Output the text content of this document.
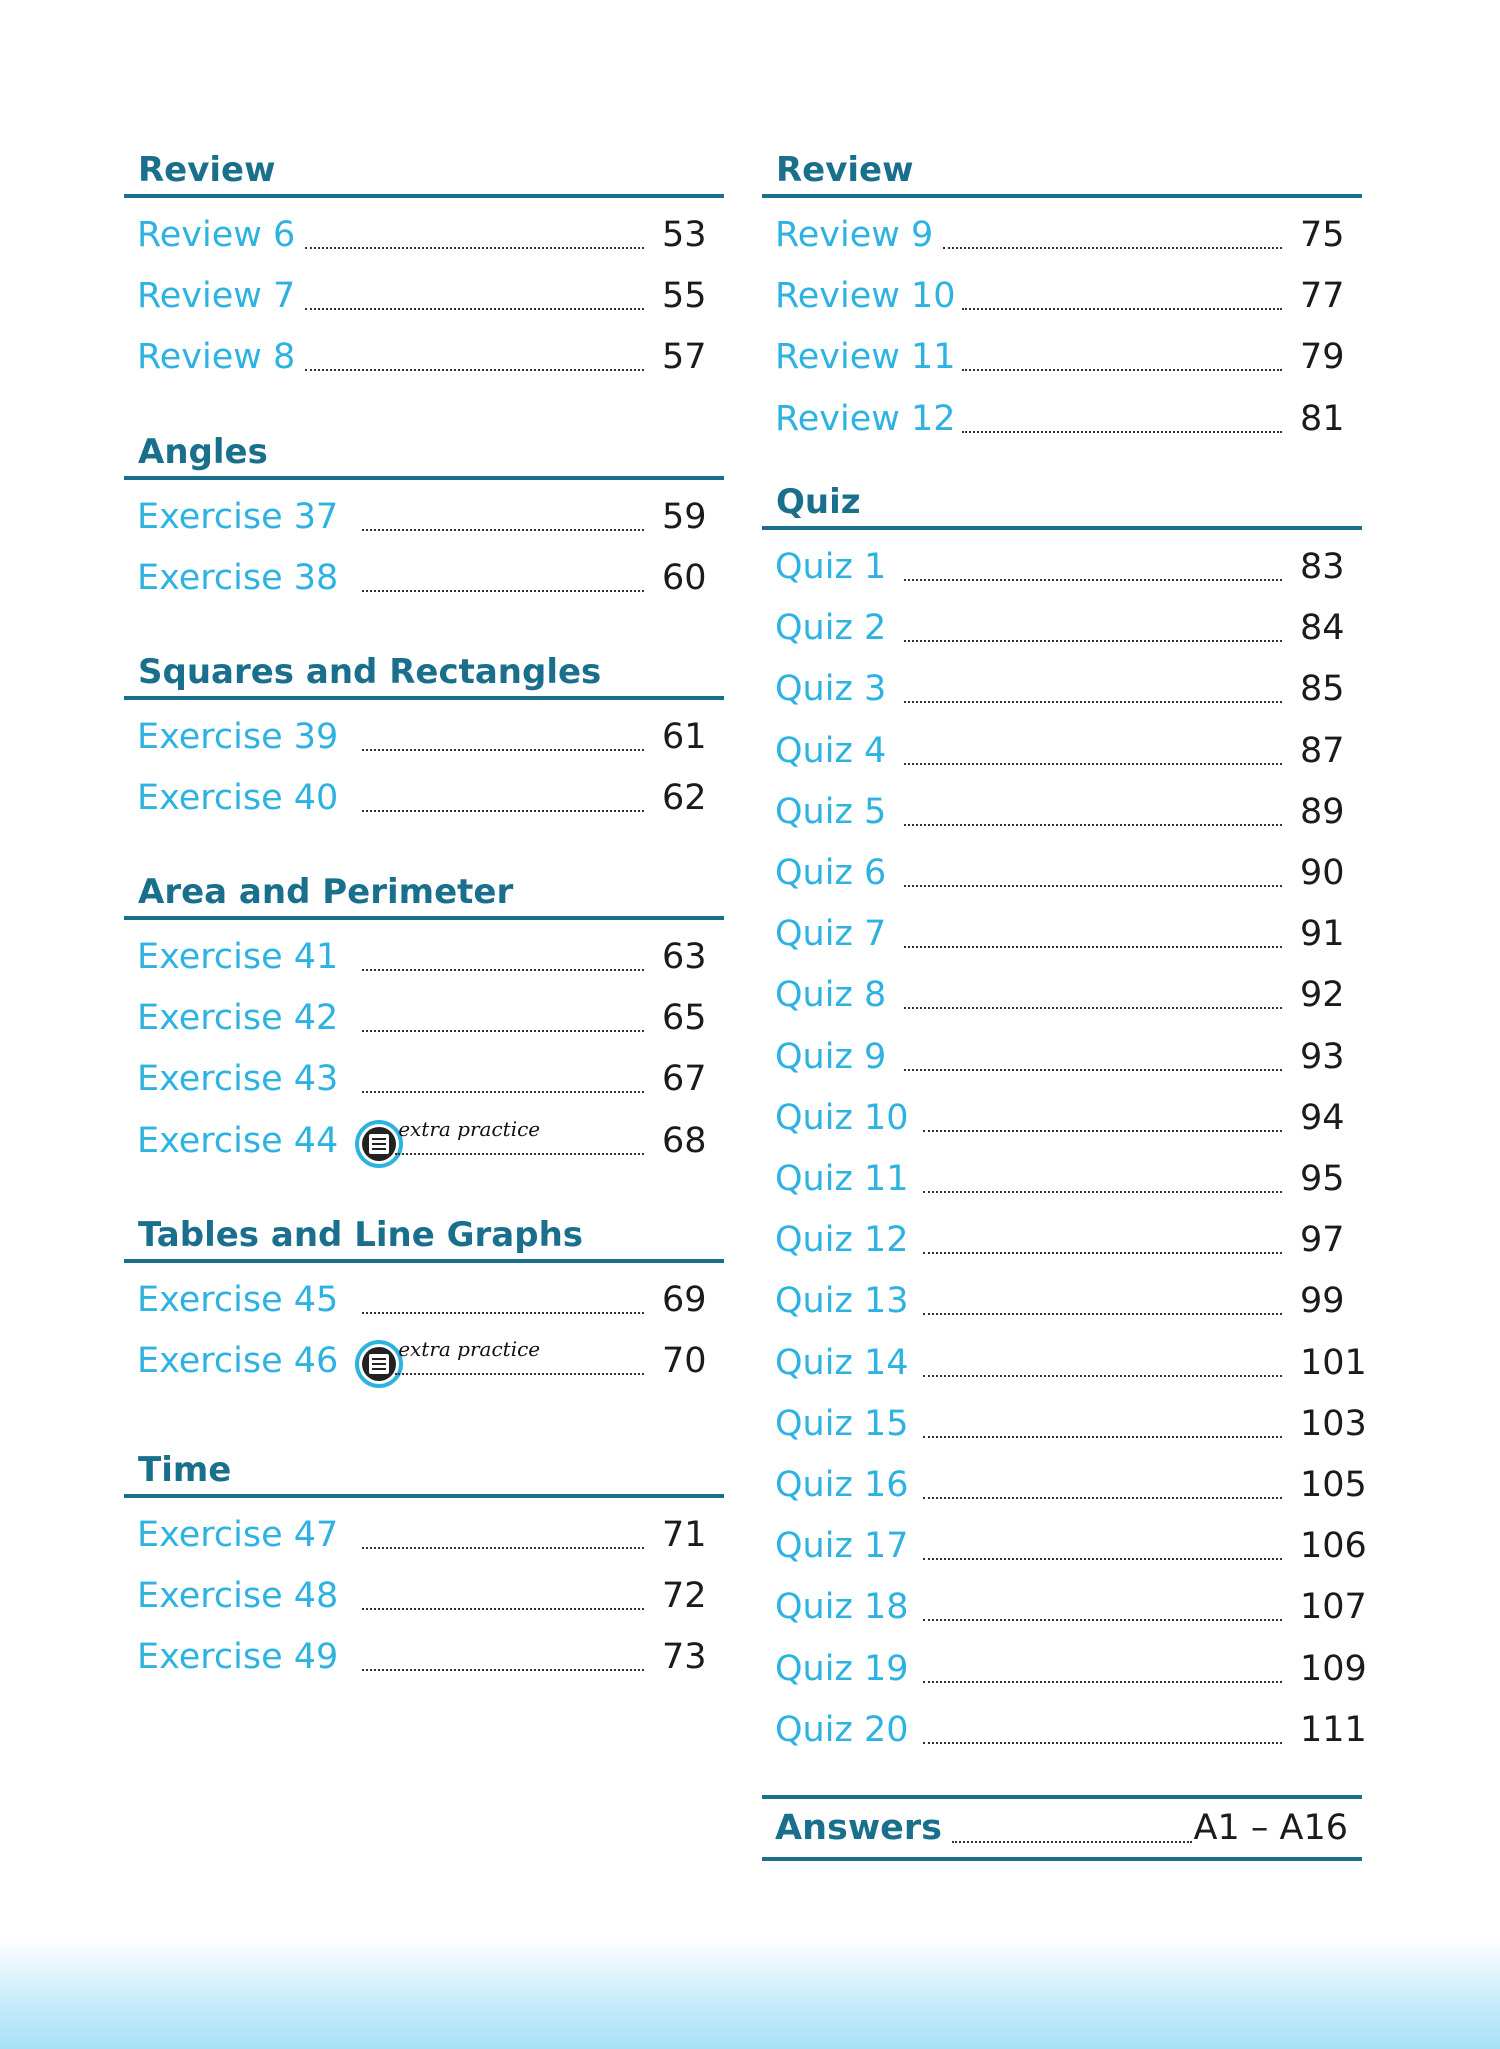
Review
Review 6	53
Review 7	55
Review 8	57
Angles
Exercise 37	59
Exercise 38	60
Squares and Rectangles
Exercise 39	61
Exercise 40	62
Area and Perimeter
Exercise 41	63
Exercise 42	65
Exercise 43	67
Exercise 44	extra practice	68
Tables and Line Graphs
Exercise 45	69
Exercise 46	extra practice	70
Time
Exercise 47	71
Exercise 48	72
Exercise 49	73
Answers	A1 – A16
Review
Review 9	75
Review 10	77
Review 11	79
Review 12	81
Quiz
Quiz 1	83
Quiz 2	84
Quiz 3	85
Quiz 4	87
Quiz 5	89
Quiz 6	90
Quiz 7	91
Quiz 8	92
Quiz 9	93
Quiz 10	94
Quiz 11	95
Quiz 12	97
Quiz 13	99
Quiz 14	101
Quiz 15	103
Quiz 16	105
Quiz 17	106
Quiz 18	107
Quiz 19	109
Quiz 20	111
